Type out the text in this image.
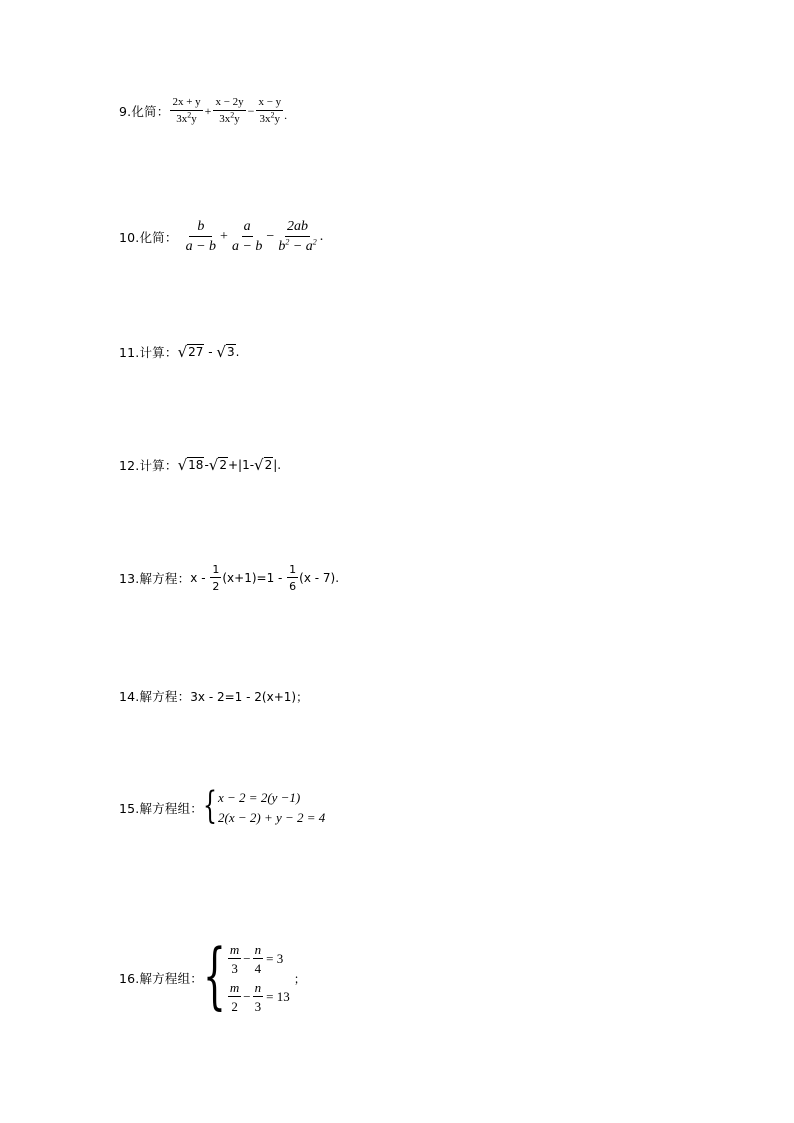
9. 化简： $\frac{2x + y}{3x^2y} + \frac{x - 2y}{3x^2y} - \frac{x - y}{3x^2y}$ .
10. 化简： $\frac{b}{a - b} + \frac{a}{a - b} - \frac{2ab}{b^2 - a^2}$ .
11. 计算： √ 27 - √ 3 .
12. 计算： √ 18 - √ 2 +|1- √ 2 |.
13. 解方程： $x - \frac{1}{2} (x+1)=1 - \frac{1}{6} (x - 7)$.
14. 解方程： 3x - 2=1 - 2(x+1)；
15. 解方程组： { x − 2 = 2(y −1)
2(x − 2) + y − 2 = 4
16. 解方程组： { $\frac{m}{3} - \frac{n}{4} = 3$
$\frac{m}{2} - \frac{n}{3} = 13$
；
